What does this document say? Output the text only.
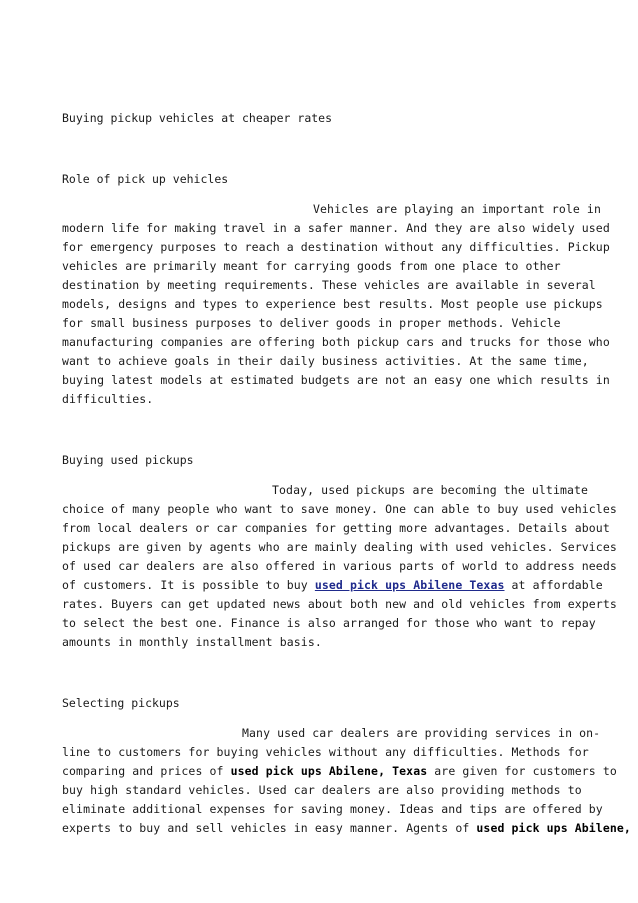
Buying pickup vehicles at cheaper rates
Role of pick up vehicles
Vehicles are playing an important role in
modern life for making travel in a safer manner. And they are also widely used
for emergency purposes to reach a destination without any difficulties. Pickup
vehicles are primarily meant for carrying goods from one place to other
destination by meeting requirements. These vehicles are available in several
models, designs and types to experience best results. Most people use pickups
for small business purposes to deliver goods in proper methods. Vehicle
manufacturing companies are offering both pickup cars and trucks for those who
want to achieve goals in their daily business activities. At the same time,
buying latest models at estimated budgets are not an easy one which results in
difficulties.
Buying used pickups
Today, used pickups are becoming the ultimate
choice of many people who want to save money. One can able to buy used vehicles
from local dealers or car companies for getting more advantages. Details about
pickups are given by agents who are mainly dealing with used vehicles. Services
of used car dealers are also offered in various parts of world to address needs
of customers. It is possible to buy used pick ups Abilene Texas at affordable
rates. Buyers can get updated news about both new and old vehicles from experts
to select the best one. Finance is also arranged for those who want to repay
amounts in monthly installment basis.
Selecting pickups
Many used car dealers are providing services in on-
line to customers for buying vehicles without any difficulties. Methods for
comparing and prices of used pick ups Abilene, Texas are given for customers to
buy high standard vehicles. Used car dealers are also providing methods to
eliminate additional expenses for saving money. Ideas and tips are offered by
experts to buy and sell vehicles in easy manner. Agents of used pick ups Abilene,
